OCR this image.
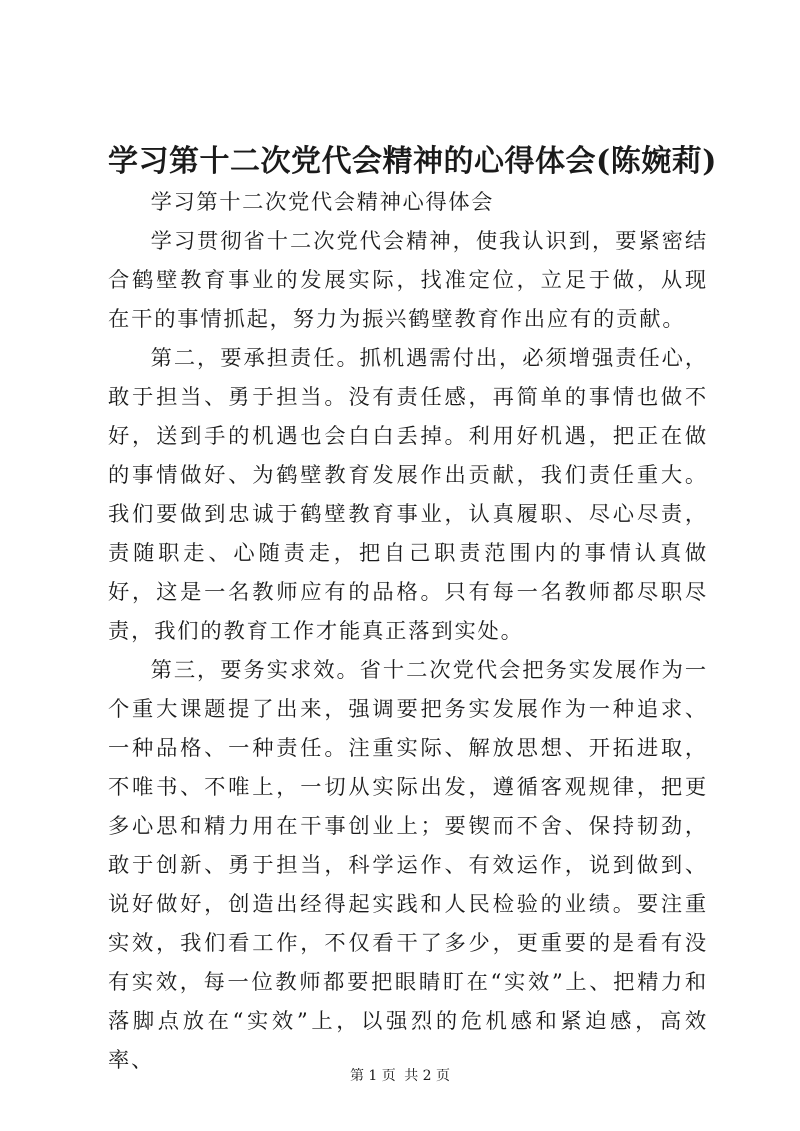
学习第十二次党代会精神的心得体会(陈婉莉)

学习第十二次党代会精神心得体会

学习贯彻省十二次党代会精神，使我认识到，要紧密结合鹤壁教育事业的发展实际，找准定位，立足于做，从现在干的事情抓起，努力为振兴鹤壁教育作出应有的贡献。

第二，要承担责任。抓机遇需付出，必须增强责任心，敢于担当、勇于担当。没有责任感，再简单的事情也做不好，送到手的机遇也会白白丢掉。利用好机遇，把正在做的事情做好、为鹤壁教育发展作出贡献，我们责任重大。我们要做到忠诚于鹤壁教育事业，认真履职、尽心尽责，责随职走、心随责走，把自己职责范围内的事情认真做好，这是一名教师应有的品格。只有每一名教师都尽职尽责，我们的教育工作才能真正落到实处。

第三，要务实求效。省十二次党代会把务实发展作为一个重大课题提了出来，强调要把务实发展作为一种追求、一种品格、一种责任。注重实际、解放思想、开拓进取，不唯书、不唯上，一切从实际出发，遵循客观规律，把更多心思和精力用在干事创业上；要锲而不舍、保持韧劲，敢于创新、勇于担当，科学运作、有效运作，说到做到、说好做好，创造出经得起实践和人民检验的业绩。要注重实效，我们看工作，不仅看干了多少，更重要的是看有没有实效，每一位教师都要把眼睛盯在“实效”上、把精力和落脚点放在“实效”上，以强烈的危机感和紧迫感，高效率、

第 1 页 共 2 页
